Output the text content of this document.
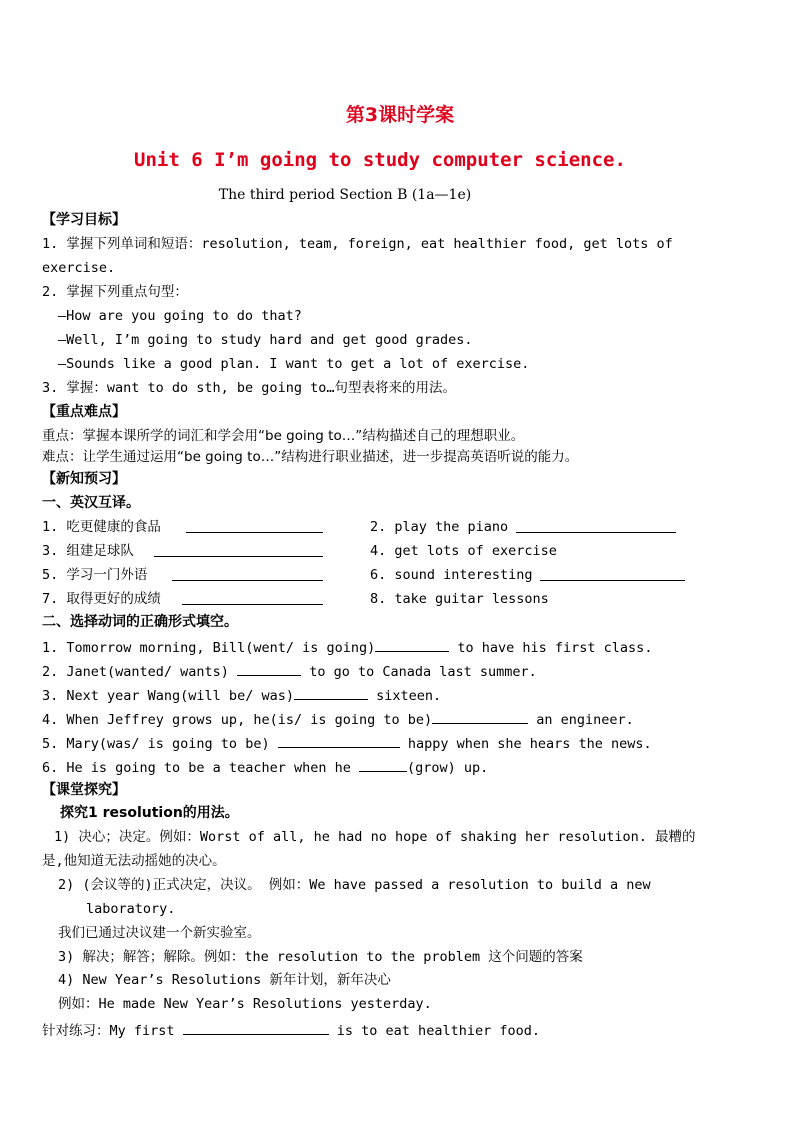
第3课时学案
Unit 6 I’m going to study computer science.
The third period Section B (1a—1e)
【学习目标】
1. 掌握下列单词和短语：resolution, team, foreign, eat healthier food, get lots of
exercise.
2. 掌握下列重点句型：
—How are you going to do that?
—Well, I’m going to study hard and get good grades.
—Sounds like a good plan. I want to get a lot of exercise.
3. 掌握：want to do sth, be going to…句型表将来的用法。
【重点难点】
重点：掌握本课所学的词汇和学会用“be going to…”结构描述自己的理想职业。
难点：让学生通过运用“be going to…”结构进行职业描述，进一步提高英语听说的能力。
【新知预习】
一、英汉互译。
1. 吃更健康的食品	2. play the piano
3. 组建足球队	4. get lots of exercise
5. 学习一门外语	6. sound interesting
7. 取得更好的成绩	8. take guitar lessons
二、选择动词的正确形式填空。
1. Tomorrow morning, Bill(went/ is going)	to have his first class.
2. Janet(wanted/ wants)	to go to Canada last summer.
3. Next year Wang(will be/ was)	sixteen.
4. When Jeffrey grows up, he(is/ is going to be)	an engineer.
5. Mary(was/ is going to be)	happy when she hears the news.
6. He is going to be a teacher when he	(grow) up.
【课堂探究】
探究1 resolution的用法。
1) 决心；决定。例如：Worst of all, he had no hope of shaking her resolution. 最糟的
是,他知道无法动摇她的决心。
2) (会议等的)正式决定，决议。 例如：We have passed a resolution to build a new
laboratory.
我们已通过决议建一个新实验室。
3) 解决；解答；解除。例如：the resolution to the problem 这个问题的答案
4) New Year’s Resolutions 新年计划，新年决心
例如：He made New Year’s Resolutions yesterday.
针对练习：My first	is to eat healthier food.
